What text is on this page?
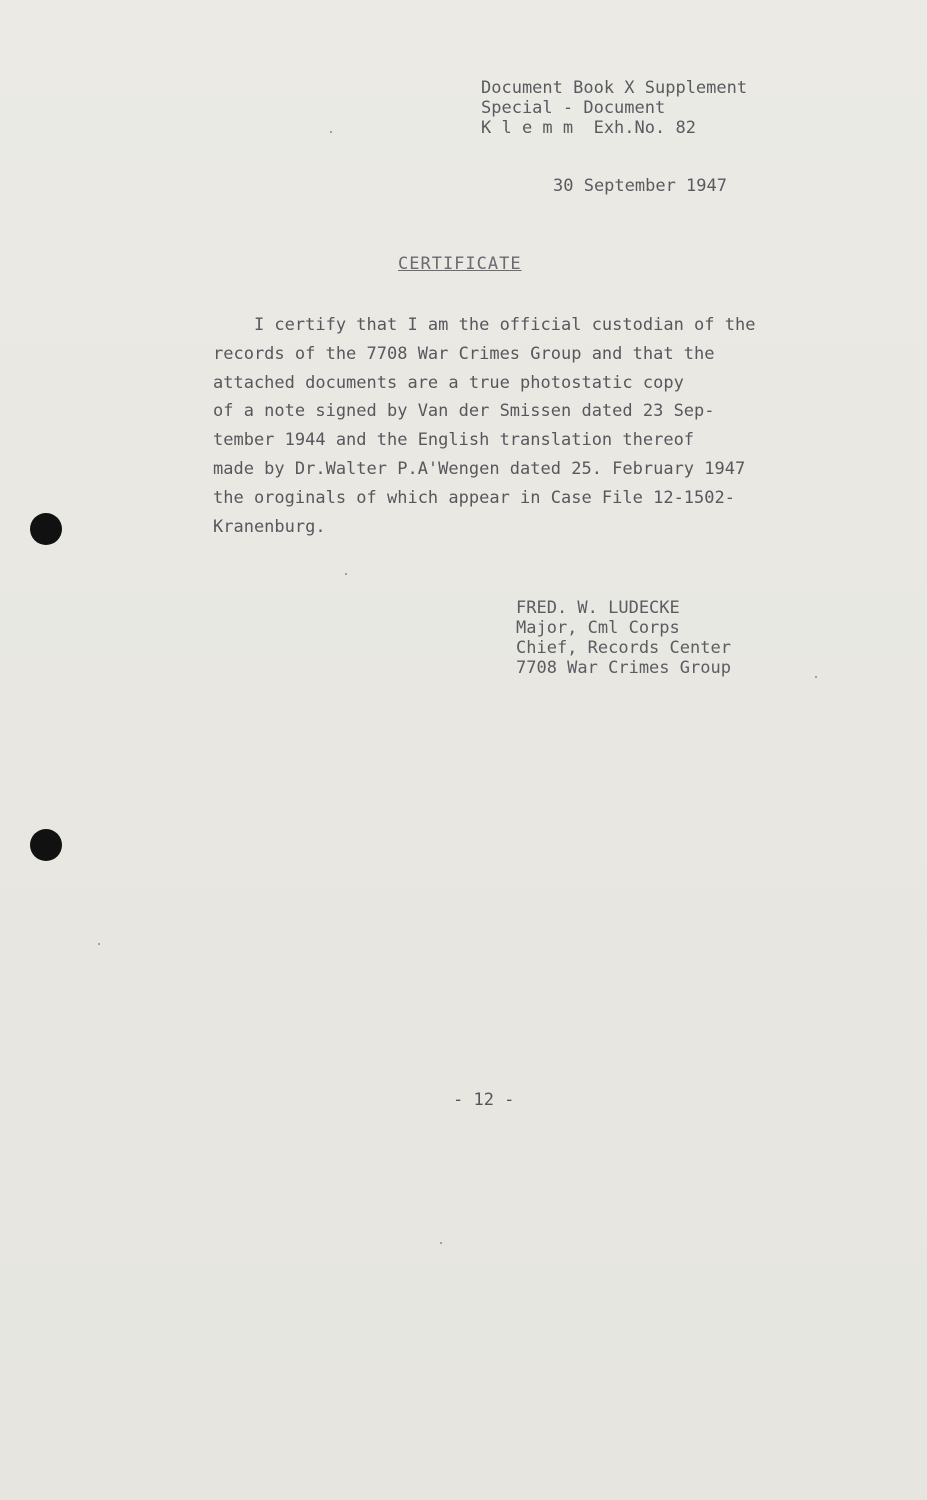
Document Book X Supplement
Special - Document
K l e m m  Exh.No. 82
30 September 1947
CERTIFICATE
I certify that I am the official custodian of the
records of the 7708 War Crimes Group and that the
attached documents are a true photostatic copy
of a note signed by Van der Smissen dated 23 Sep-
tember 1944 and the English translation thereof
made by Dr.Walter P.A'Wengen dated 25. February 1947
the oroginals of which appear in Case File 12-1502-
Kranenburg.
FRED. W. LUDECKE
Major, Cml Corps
Chief, Records Center
7708 War Crimes Group
- 12 -
